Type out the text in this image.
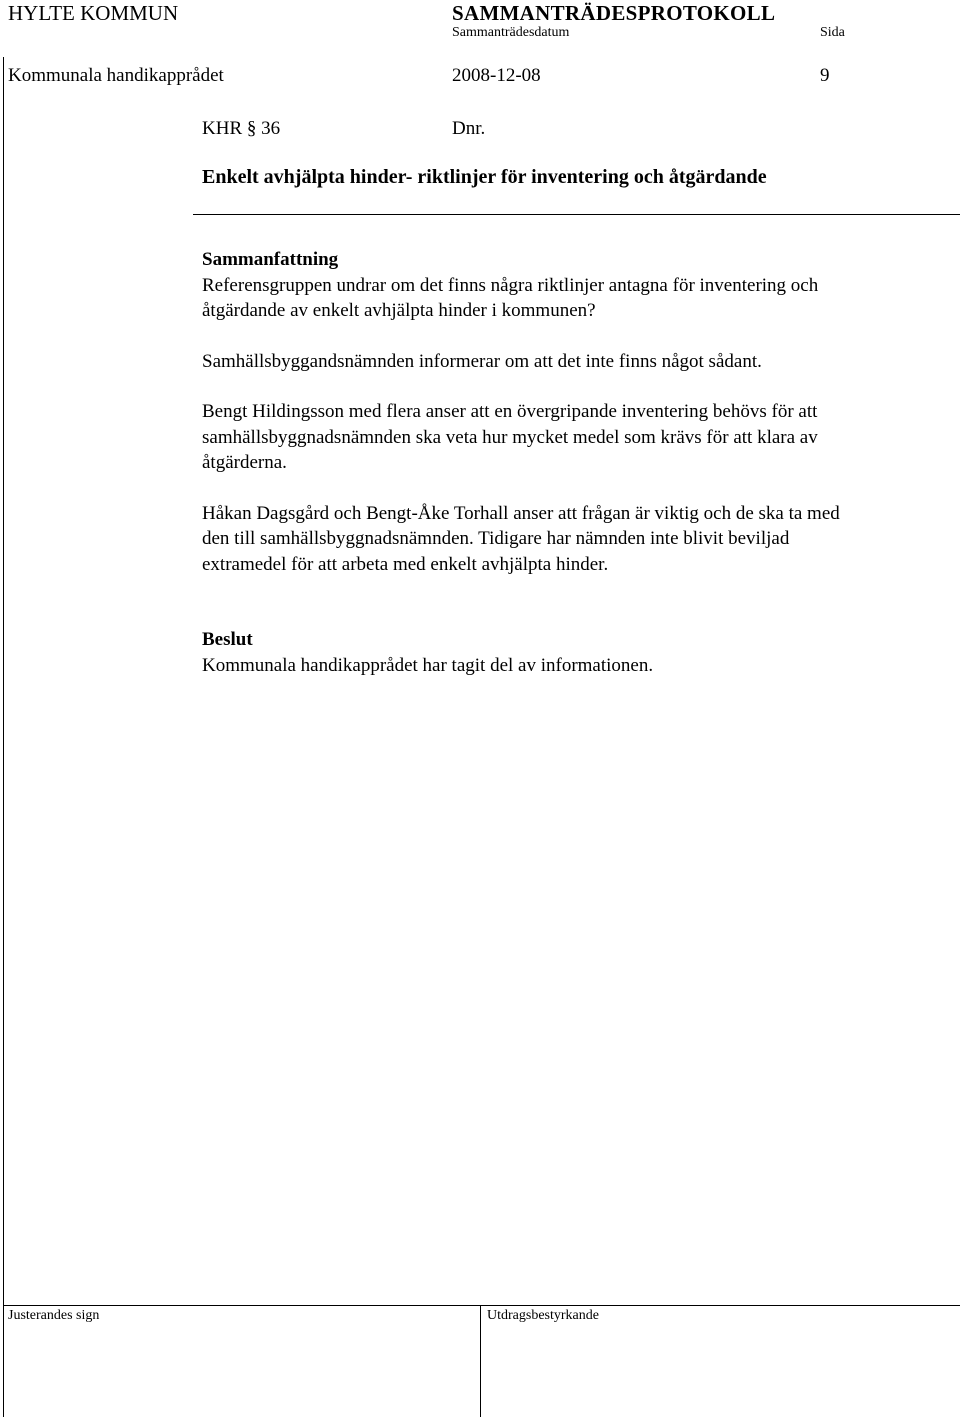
HYLTE KOMMUN	SAMMANTRÄDESPROTOKOLL
Sammanträdesdatum	Sida
Kommunala handikapprådet	2008-12-08	9
KHR § 36	Dnr.
Enkelt avhjälpta hinder- riktlinjer för inventering och åtgärdande

Sammanfattning

Referensgruppen undrar om det finns några riktlinjer antagna för inventering och
åtgärdande av enkelt avhjälpta hinder i kommunen?

Samhällsbyggandsnämnden informerar om att det inte finns något sådant.

Bengt Hildingsson med flera anser att en övergripande inventering behövs för att
samhällsbyggnadsnämnden ska veta hur mycket medel som krävs för att klara av
åtgärderna.

Håkan Dagsgård och Bengt-Åke Torhall anser att frågan är viktig och de ska ta med
den till samhällsbyggnadsnämnden. Tidigare har nämnden inte blivit beviljad
extramedel för att arbeta med enkelt avhjälpta hinder.

Beslut

Kommunala handikapprådet har tagit del av informationen.

Justerandes sign	Utdragsbestyrkande
